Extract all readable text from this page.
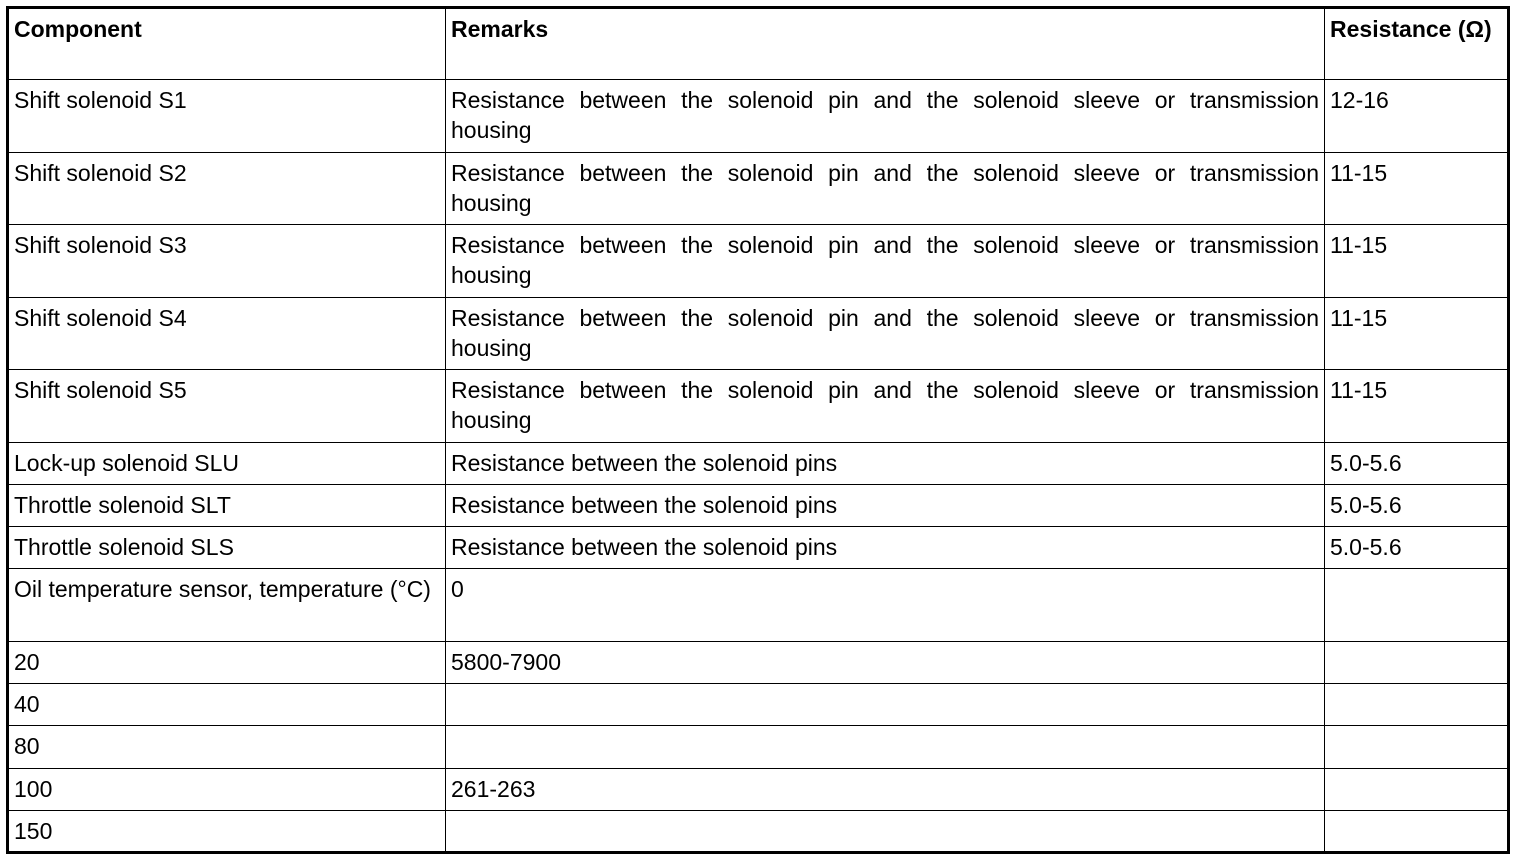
Component	Remarks	Resistance (Ω)
Shift solenoid S1	Resistance between the solenoid pin and the solenoid sleeve or transmission housing	12-16
Shift solenoid S2	Resistance between the solenoid pin and the solenoid sleeve or transmission housing	11-15
Shift solenoid S3	Resistance between the solenoid pin and the solenoid sleeve or transmission housing	11-15
Shift solenoid S4	Resistance between the solenoid pin and the solenoid sleeve or transmission housing	11-15
Shift solenoid S5	Resistance between the solenoid pin and the solenoid sleeve or transmission housing	11-15
Lock-up solenoid SLU	Resistance between the solenoid pins	5.0-5.6
Throttle solenoid SLT	Resistance between the solenoid pins	5.0-5.6
Throttle solenoid SLS	Resistance between the solenoid pins	5.0-5.6
Oil temperature sensor, temperature (°C)	0	
20	5800-7900	
40		
80		
100	261-263	
150		
